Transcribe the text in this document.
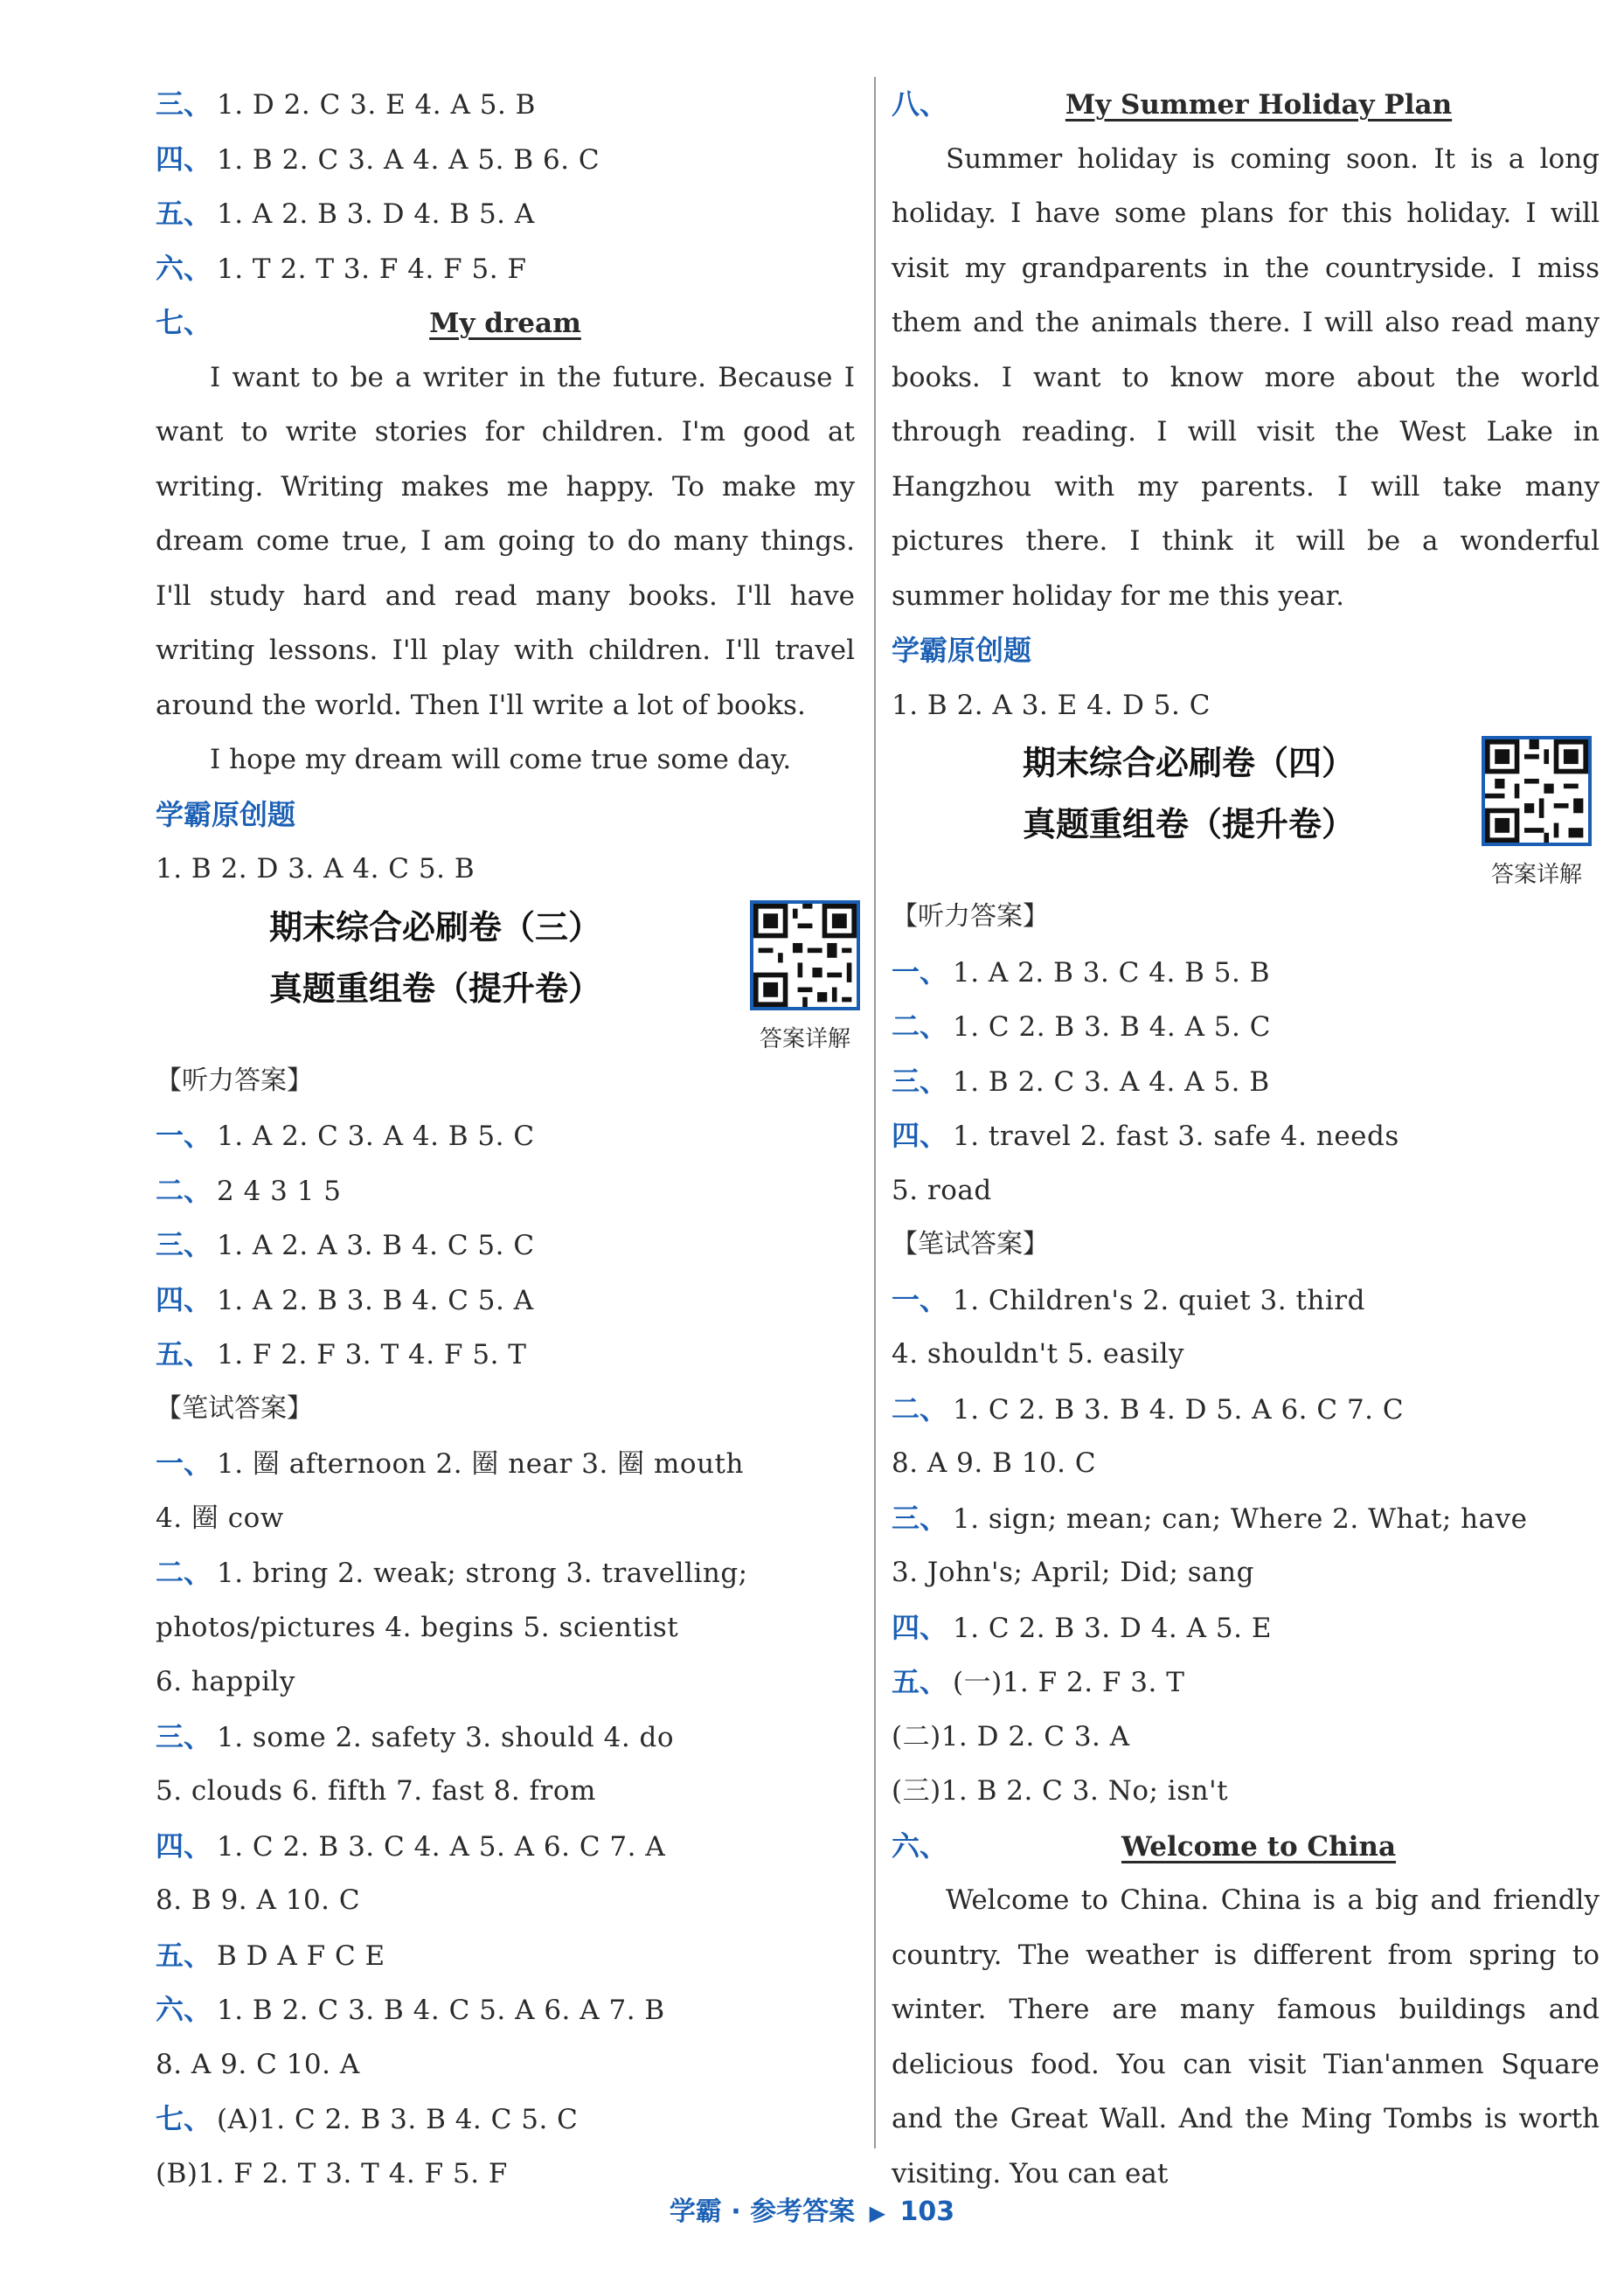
三、 1. D 2. C 3. E 4. A 5. B
四、 1. B 2. C 3. A 4. A 5. B 6. C
五、 1. A 2. B 3. D 4. B 5. A
六、 1. T 2. T 3. F 4. F 5. F
七、	My dream

I want to be a writer in the future. Because I want to write stories for children. I'm good at writing. Writing makes me happy. To make my dream come true, I am going to do many things. I'll study hard and read many books. I'll have writing lessons. I'll play with children. I'll travel around the world. Then I'll write a lot of books.

I hope my dream will come true some day.

学霸原创题
1. B 2. D 3. A 4. C 5. B
期末综合必刷卷（三）
真题重组卷（提升卷）
答案详解
【听力答案】
一、 1. A 2. C 3. A 4. B 5. C
二、 2 4 3 1 5
三、 1. A 2. A 3. B 4. C 5. C
四、 1. A 2. B 3. B 4. C 5. A
五、 1. F 2. F 3. T 4. F 5. T
【笔试答案】
一、 1. 圈 afternoon 2. 圈 near 3. 圈 mouth
4. 圈 cow
二、 1. bring 2. weak; strong 3. travelling;
photos/pictures 4. begins 5. scientist
6. happily
三、 1. some 2. safety 3. should 4. do
5. clouds 6. fifth 7. fast 8. from
四、 1. C 2. B 3. C 4. A 5. A 6. C 7. A
8. B 9. A 10. C
五、 B D A F C E
六、 1. B 2. C 3. B 4. C 5. A 6. A 7. B
8. A 9. C 10. A
七、 (A)1. C 2. B 3. B 4. C 5. C
(B)1. F 2. T 3. T 4. F 5. F
八、	My Summer Holiday Plan

Summer holiday is coming soon. It is a long holiday. I have some plans for this holiday. I will visit my grandparents in the countryside. I miss them and the animals there. I will also read many books. I want to know more about the world through reading. I will visit the West Lake in Hangzhou with my parents. I will take many pictures there. I think it will be a wonderful summer holiday for me this year.

学霸原创题
1. B 2. A 3. E 4. D 5. C
期末综合必刷卷（四）
真题重组卷（提升卷）
答案详解
【听力答案】
一、 1. A 2. B 3. C 4. B 5. B
二、 1. C 2. B 3. B 4. A 5. C
三、 1. B 2. C 3. A 4. A 5. B
四、 1. travel 2. fast 3. safe 4. needs
5. road
【笔试答案】
一、 1. Children's 2. quiet 3. third
4. shouldn't 5. easily
二、 1. C 2. B 3. B 4. D 5. A 6. C 7. C
8. A 9. B 10. C
三、 1. sign; mean; can; Where 2. What; have
3. John's; April; Did; sang
四、 1. C 2. B 3. D 4. A 5. E
五、 (一)1. F 2. F 3. T
(二)1. D 2. C 3. A
(三)1. B 2. C 3. No; isn't
六、	Welcome to China

Welcome to China. China is a big and friendly country. The weather is different from spring to winter. There are many famous buildings and delicious food. You can visit Tian'anmen Square and the Great Wall. And the Ming Tombs is worth visiting. You can eat

学霸 · 参考答案 ▶ 103
